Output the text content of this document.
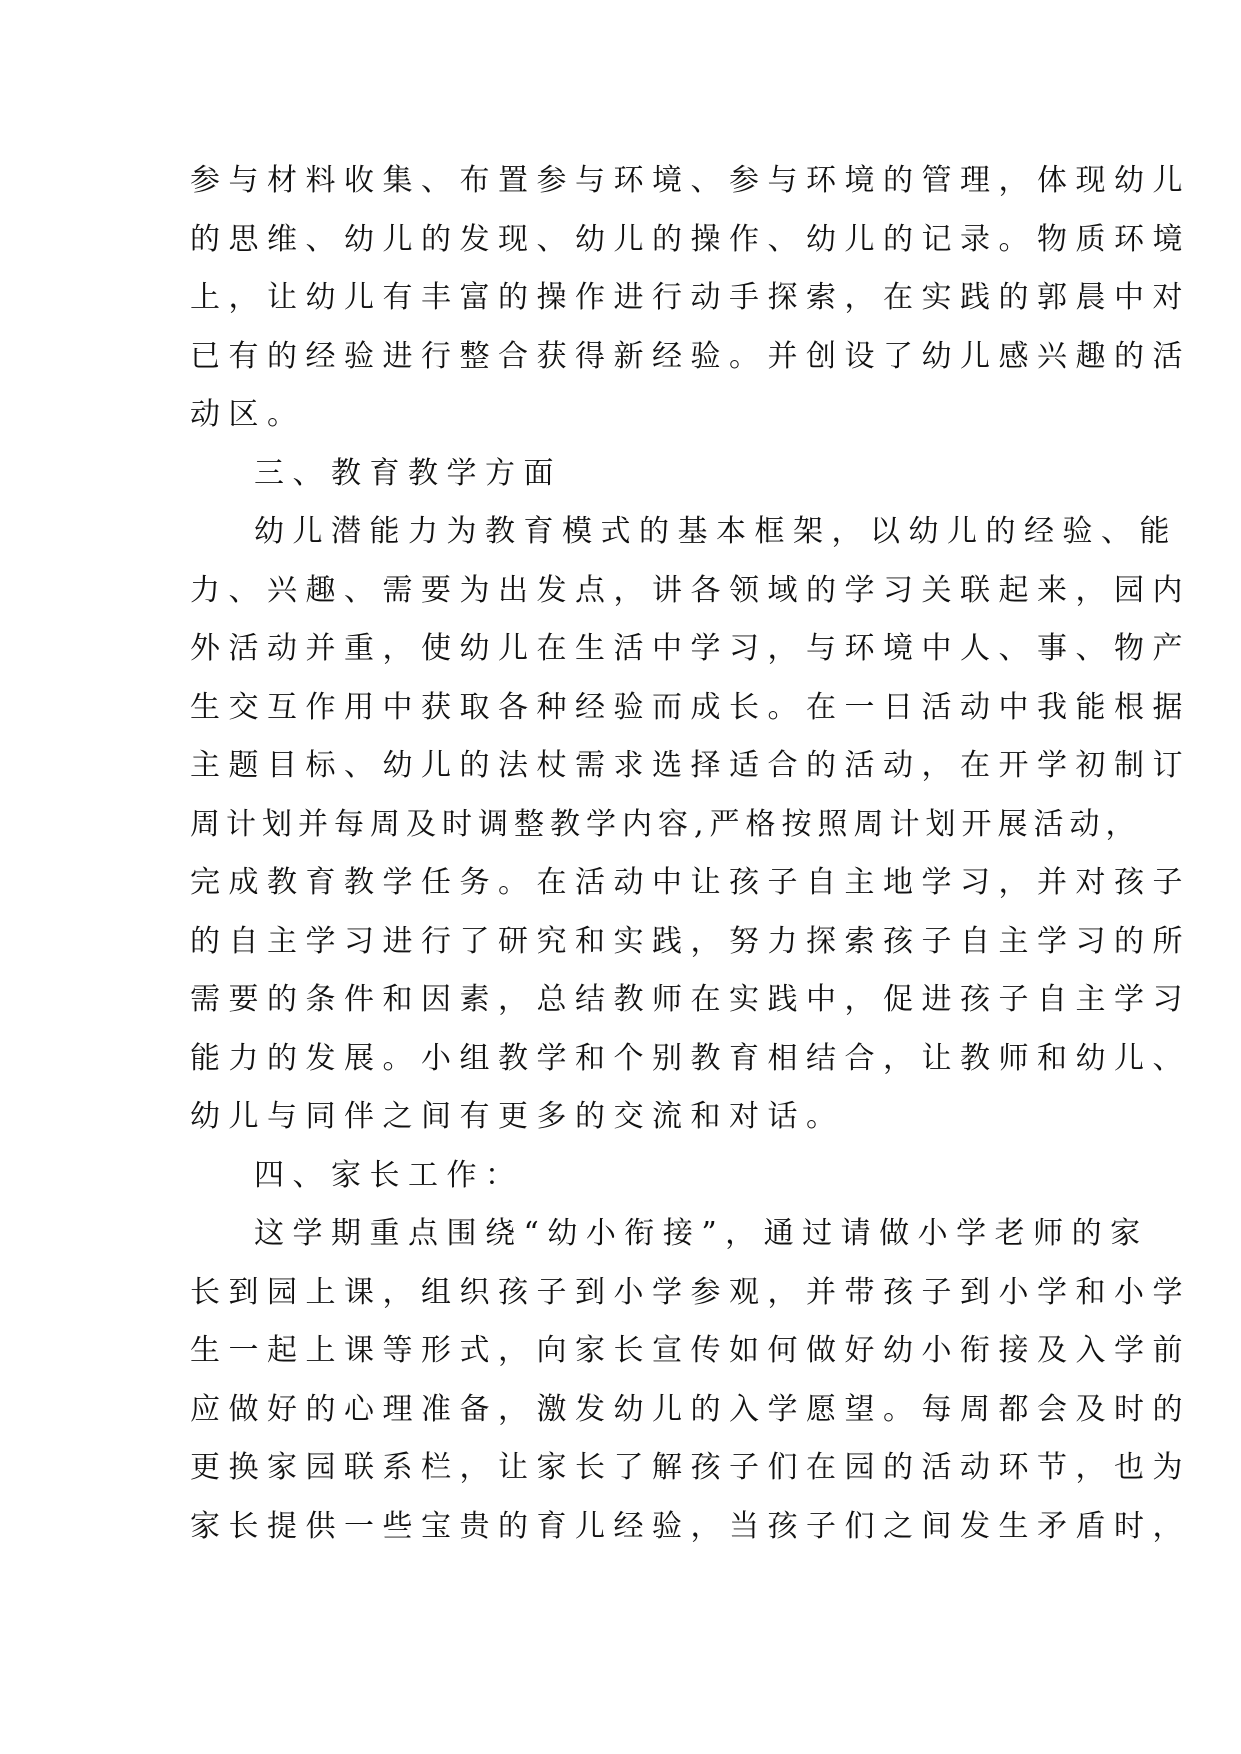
参与材料收集、布置参与环境、参与环境的管理，体现幼儿
的思维、幼儿的发现、幼儿的操作、幼儿的记录。物质环境
上，让幼儿有丰富的操作进行动手探索，在实践的郭晨中对
已有的经验进行整合获得新经验。并创设了幼儿感兴趣的活
动区。
三、教育教学方面
幼儿潜能力为教育模式的基本框架，以幼儿的经验、能
力、兴趣、需要为出发点，讲各领域的学习关联起来，园内
外活动并重，使幼儿在生活中学习，与环境中人、事、物产
生交互作用中获取各种经验而成长。在一日活动中我能根据
主题目标、幼儿的法杖需求选择适合的活动，在开学初制订
周计划并每周及时调整教学内容,严格按照周计划开展活动，
完成教育教学任务。在活动中让孩子自主地学习，并对孩子
的自主学习进行了研究和实践，努力探索孩子自主学习的所
需要的条件和因素，总结教师在实践中，促进孩子自主学习
能力的发展。小组教学和个别教育相结合，让教师和幼儿、
幼儿与同伴之间有更多的交流和对话。
四、家长工作：
这学期重点围绕“幼小衔接”，通过请做小学老师的家
长到园上课，组织孩子到小学参观，并带孩子到小学和小学
生一起上课等形式，向家长宣传如何做好幼小衔接及入学前
应做好的心理准备，激发幼儿的入学愿望。每周都会及时的
更换家园联系栏，让家长了解孩子们在园的活动环节，也为
家长提供一些宝贵的育儿经验，当孩子们之间发生矛盾时，
